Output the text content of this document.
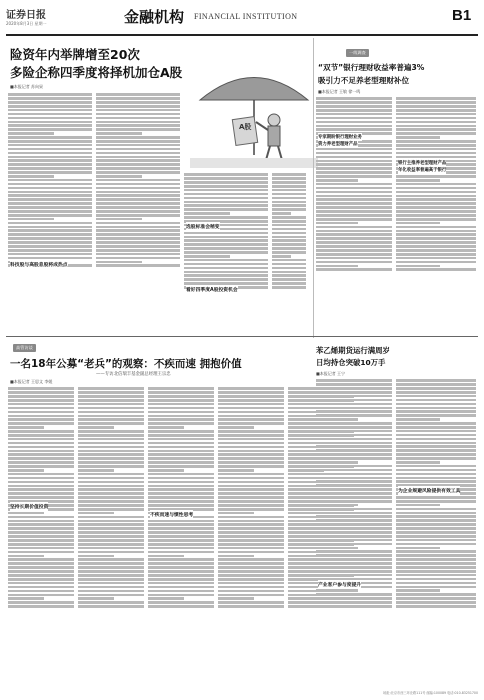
证券日报
2020年8月3日 星期一	金融机构 FINANCIAL INSTITUTION	B1
险资年内举牌增至20次
多险企称四季度将择机加仓A股
■本报记者 苏向杲
科技股与高股息股将成热点
选股标准会稍变
看好四季度A股投资机会
A股
一线调查
“双节”银行理财收益率普遍3%
吸引力不足养老型理财补位
■本报记者 王敏 徐一鸣
专家期盼银行理财业务
资力养老型理财产品
银行主推养老型理财产品
年化收益率普遍高于银行
高管访谈
一名18年公募“老兵”的观察：不疾而速 拥抱价值
——专访北信瑞丰基金副总经理王宗忠
■本报记者 王思文 李媛
坚持长期价值投资
不疾而速与惯性思考
苯乙烯期货运行满周岁
日均持仓突破10万手
■本报记者 王宁
产业客户参与度提升
为企业规避风险提供有效工具
地址:北京市西三环北路111号 邮编:100089 电话:010-83251700
